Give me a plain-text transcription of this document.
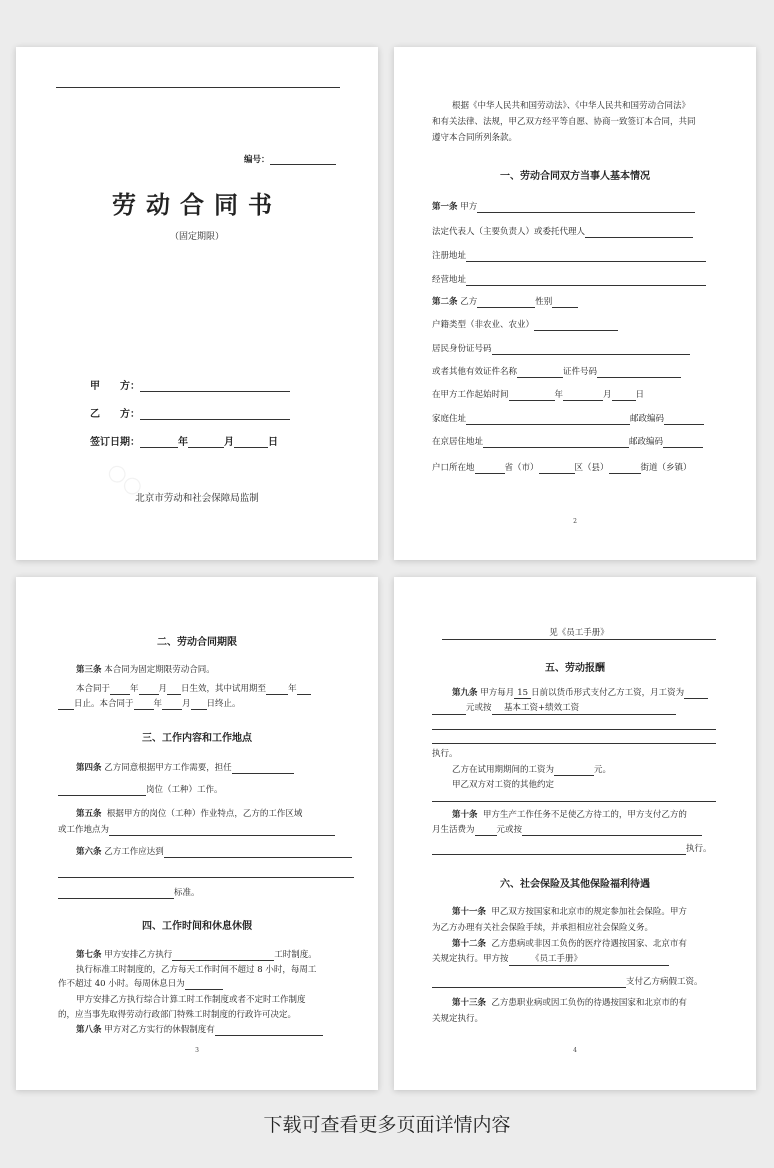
○○
编号：
劳动合同书
（固定期限）
甲　　方：
乙　　方：
签订日期：	年	月	日
北京市劳动和社会保障局监制
根据《中华人民共和国劳动法》、《中华人民共和国劳动合同法》
和有关法律、法规，甲乙双方经平等自愿、协商一致签订本合同，共同
遵守本合同所列条款。
一、劳动合同双方当事人基本情况
第一条 甲方
法定代表人（主要负责人）或委托代理人
注册地址
经营地址
第二条 乙方	性别
户籍类型（非农业、农业）
居民身份证号码
或者其他有效证件名称	证件号码
在甲方工作起始时间	年	月	日
家庭住址	邮政编码
在京居住地址	邮政编码
户口所在地	省（市）	区（县）	街道（乡镇）
2
二、劳动合同期限
第三条 本合同为固定期限劳动合同。
本合同于 年 月 日生效，其中试用期至	年
日止。本合同于 年 月 日终止。
三、工作内容和工作地点
第四条 乙方同意根据甲方工作需要，担任
岗位（工种）工作。
第五条 根据甲方的岗位（工种）作业特点，乙方的工作区域
或工作地点为
第六条 乙方工作应达到
标准。
四、工作时间和休息休假
第七条 甲方安排乙方执行	工时制度。
执行标准工时制度的，乙方每天工作时间不超过 8 小时，每周工
作不超过 40 小时。每周休息日为
甲方安排乙方执行综合计算工时工作制度或者不定时工作制度
的，应当事先取得劳动行政部门特殊工时制度的行政许可决定。
第八条 甲方对乙方实行的休假制度有
3
见《员工手册》
五、劳动报酬
第九条 甲方每月 15 日前以货币形式支付乙方工资，月工资为
元或按 基本工资+绩效工资
执行。
乙方在试用期期间的工资为	元。
甲乙双方对工资的其他约定
第十条 甲方生产工作任务不足使乙方待工的，甲方支付乙方的
月生活费为	元或按
执行。
六、社会保险及其他保险福利待遇
第十一条 甲乙双方按国家和北京市的规定参加社会保险。甲方
为乙方办理有关社会保险手续，并承担相应社会保险义务。
第十二条 乙方患病或非因工负伤的医疗待遇按国家、北京市有
关规定执行。甲方按	《员工手册》
支付乙方病假工资。
第十三条 乙方患职业病或因工负伤的待遇按国家和北京市的有
关规定执行。
4
下载可查看更多页面详情内容
